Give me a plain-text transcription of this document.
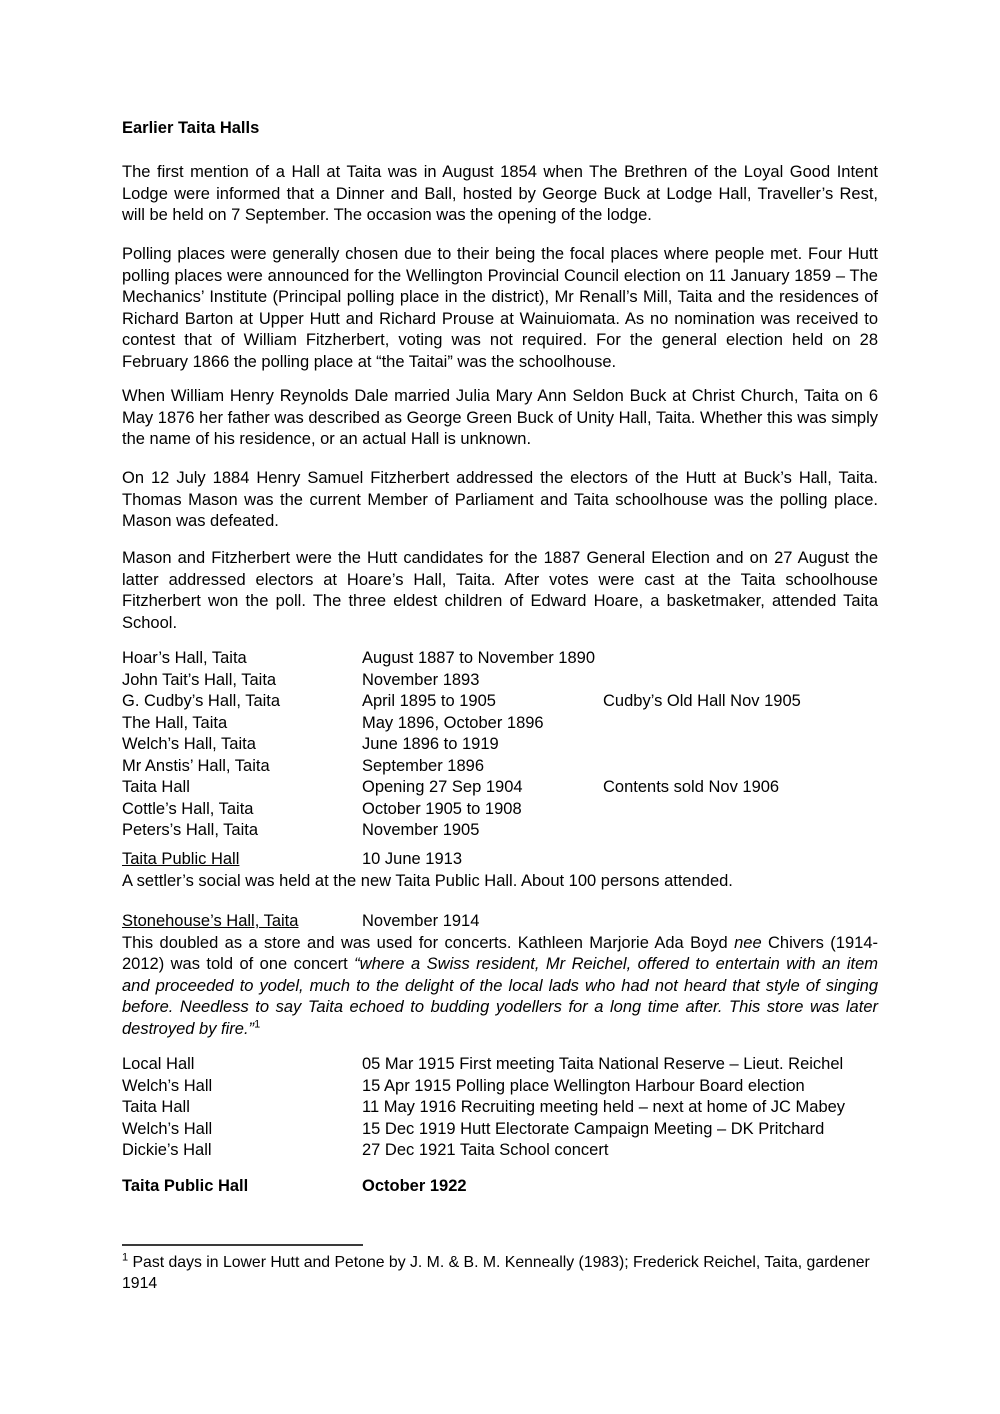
Earlier Taita Halls
The first mention of a Hall at Taita was in August 1854 when The Brethren of the Loyal Good Intent Lodge were informed that a Dinner and Ball, hosted by George Buck at Lodge Hall, Traveller’s Rest, will be held on 7 September. The occasion was the opening of the lodge.
Polling places were generally chosen due to their being the focal places where people met. Four Hutt polling places were announced for the Wellington Provincial Council election on 11 January 1859 – The Mechanics’ Institute (Principal polling place in the district), Mr Renall’s Mill, Taita and the residences of Richard Barton at Upper Hutt and Richard Prouse at Wainuiomata. As no nomination was received to contest that of William Fitzherbert, voting was not required. For the general election held on 28 February 1866 the polling place at “the Taitai” was the schoolhouse.
When William Henry Reynolds Dale married Julia Mary Ann Seldon Buck at Christ Church, Taita on 6 May 1876 her father was described as George Green Buck of Unity Hall, Taita. Whether this was simply the name of his residence, or an actual Hall is unknown.
On 12 July 1884 Henry Samuel Fitzherbert addressed the electors of the Hutt at Buck’s Hall, Taita. Thomas Mason was the current Member of Parliament and Taita schoolhouse was the polling place. Mason was defeated.
Mason and Fitzherbert were the Hutt candidates for the 1887 General Election and on 27 August the latter addressed electors at Hoare’s Hall, Taita. After votes were cast at the Taita schoolhouse Fitzherbert won the poll. The three eldest children of Edward Hoare, a basketmaker, attended Taita School.
Hoar’s Hall, Taita	August 1887 to November 1890
John Tait’s Hall, Taita	November 1893
G. Cudby’s Hall, Taita	April 1895 to 1905	Cudby’s Old Hall Nov 1905
The Hall, Taita	May 1896, October 1896
Welch’s Hall, Taita	June 1896 to 1919
Mr Anstis’ Hall, Taita	September 1896
Taita Hall	Opening 27 Sep 1904	Contents sold Nov 1906
Cottle’s Hall, Taita	October 1905 to 1908
Peters’s Hall, Taita	November 1905
Taita Public Hall	10 June 1913
A settler’s social was held at the new Taita Public Hall. About 100 persons attended.
Stonehouse’s Hall, Taita	November 1914
This doubled as a store and was used for concerts. Kathleen Marjorie Ada Boyd nee Chivers (1914-2012) was told of one concert “where a Swiss resident, Mr Reichel, offered to entertain with an item and proceeded to yodel, much to the delight of the local lads who had not heard that style of singing before. Needless to say Taita echoed to budding yodellers for a long time after. This store was later destroyed by fire.”$^1$
Local Hall	05 Mar 1915 First meeting Taita National Reserve – Lieut. Reichel
Welch’s Hall	15 Apr 1915 Polling place Wellington Harbour Board election
Taita Hall	11 May 1916 Recruiting meeting held – next at home of JC Mabey
Welch’s Hall	15 Dec 1919 Hutt Electorate Campaign Meeting – DK Pritchard
Dickie’s Hall	27 Dec 1921 Taita School concert
Taita Public Hall	October 1922
$^1$ Past days in Lower Hutt and Petone by J. M. & B. M. Kenneally (1983); Frederick Reichel, Taita, gardener 1914
